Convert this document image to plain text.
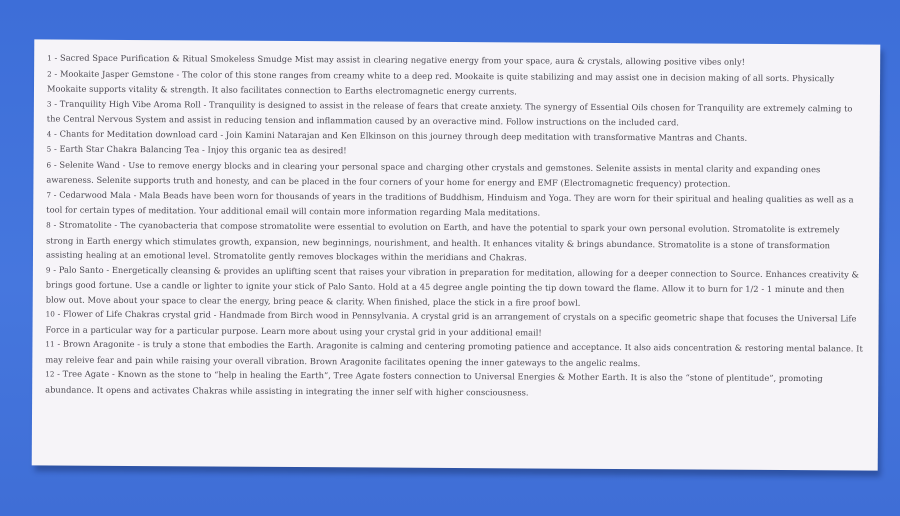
1 - Sacred Space Purification & Ritual Smokeless Smudge Mist may assist in clearing negative energy from your space, aura & crystals, allowing positive vibes only!

2 - Mookaite Jasper Gemstone - The color of this stone ranges from creamy white to a deep red. Mookaite is quite stabilizing and may assist one in decision making of all sorts. Physically Mookaite supports vitality & strength. It also facilitates connection to Earths electromagnetic energy currents.

3 - Tranquility High Vibe Aroma Roll - Tranquility is designed to assist in the release of fears that create anxiety. The synergy of Essential Oils chosen for Tranquility are extremely calming to the Central Nervous System and assist in reducing tension and inflammation caused by an overactive mind. Follow instructions on the included card.

4 - Chants for Meditation download card - Join Kamini Natarajan and Ken Elkinson on this journey through deep meditation with transformative Mantras and Chants.

5 - Earth Star Chakra Balancing Tea - Injoy this organic tea as desired!

6 - Selenite Wand - Use to remove energy blocks and in clearing your personal space and charging other crystals and gemstones. Selenite assists in mental clarity and expanding ones awareness. Selenite supports truth and honesty, and can be placed in the four corners of your home for energy and EMF (Electromagnetic frequency) protection.

7 - Cedarwood Mala - Mala Beads have been worn for thousands of years in the traditions of Buddhism, Hinduism and Yoga. They are worn for their spiritual and healing qualities as well as a tool for certain types of meditation. Your additional email will contain more information regarding Mala meditations.

8 - Stromatolite - The cyanobacteria that compose stromatolite were essential to evolution on Earth, and have the potential to spark your own personal evolution. Stromatolite is extremely strong in Earth energy which stimulates growth, expansion, new beginnings, nourishment, and health. It enhances vitality & brings abundance. Stromatolite is a stone of transformation assisting healing at an emotional level. Stromatolite gently removes blockages within the meridians and Chakras.

9 - Palo Santo - Energetically cleansing & provides an uplifting scent that raises your vibration in preparation for meditation, allowing for a deeper connection to Source. Enhances creativity & brings good fortune. Use a candle or lighter to ignite your stick of Palo Santo. Hold at a 45 degree angle pointing the tip down toward the flame. Allow it to burn for 1/2 - 1 minute and then blow out. Move about your space to clear the energy, bring peace & clarity. When finished, place the stick in a fire proof bowl.

10 - Flower of Life Chakras crystal grid - Handmade from Birch wood in Pennsylvania. A crystal grid is an arrangement of crystals on a specific geometric shape that focuses the Universal Life Force in a particular way for a particular purpose. Learn more about using your crystal grid in your additional email!

11 - Brown Aragonite - is truly a stone that embodies the Earth. Aragonite is calming and centering promoting patience and acceptance. It also aids concentration & restoring mental balance. It may releive fear and pain while raising your overall vibration. Brown Aragonite facilitates opening the inner gateways to the angelic realms.

12 - Tree Agate - Known as the stone to “help in healing the Earth”, Tree Agate fosters connection to Universal Energies & Mother Earth. It is also the “stone of plentitude”, promoting abundance. It opens and activates Chakras while assisting in integrating the inner self with higher consciousness.
